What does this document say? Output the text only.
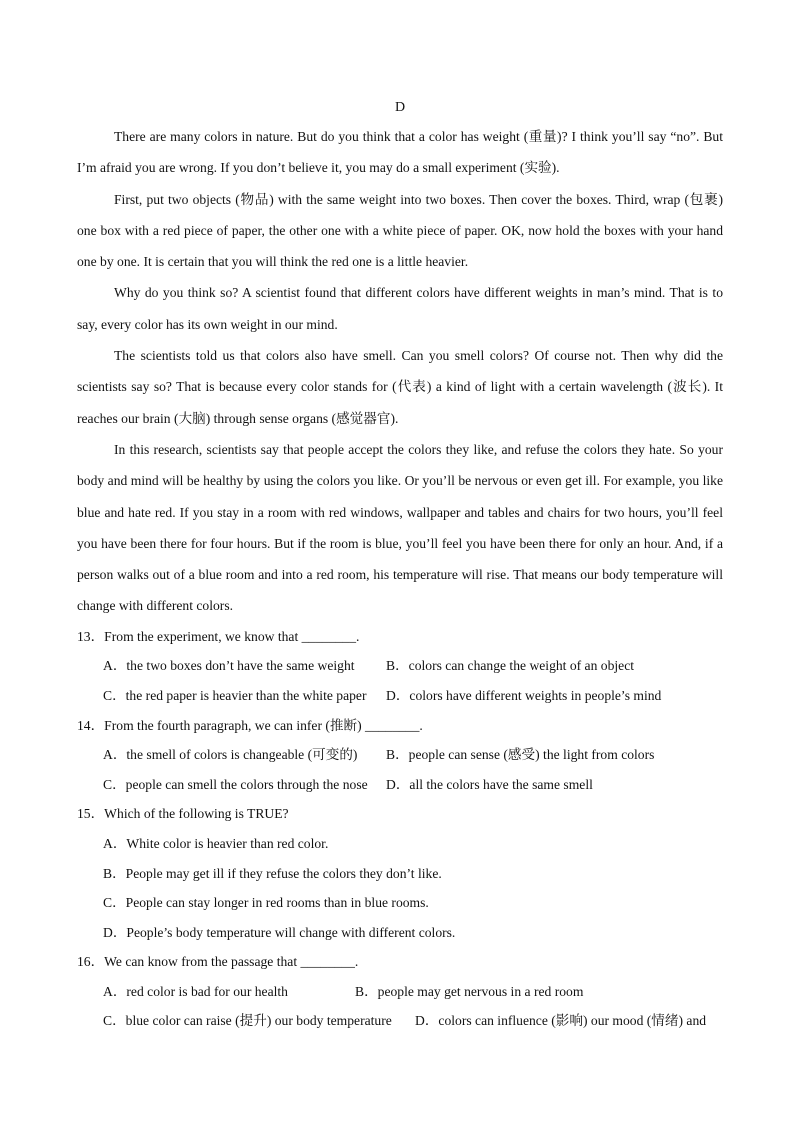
D

There are many colors in nature. But do you think that a color has weight (重量)? I think you’ll say “no”. But I’m afraid you are wrong. If you don’t believe it, you may do a small experiment (实验).

First, put two objects (物品) with the same weight into two boxes. Then cover the boxes. Third, wrap (包裹) one box with a red piece of paper, the other one with a white piece of paper. OK, now hold the boxes with your hand one by one. It is certain that you will think the red one is a little heavier.

Why do you think so? A scientist found that different colors have different weights in man’s mind. That is to say, every color has its own weight in our mind.

The scientists told us that colors also have smell. Can you smell colors? Of course not. Then why did the scientists say so? That is because every color stands for (代表) a kind of light with a certain wavelength (波长). It reaches our brain (大脑) through sense organs (感觉器官).

In this research, scientists say that people accept the colors they like, and refuse the colors they hate. So your body and mind will be healthy by using the colors you like. Or you’ll be nervous or even get ill. For example, you like blue and hate red. If you stay in a room with red windows, wallpaper and tables and chairs for two hours, you’ll feel you have been there for four hours. But if the room is blue, you’ll feel you have been there for only an hour. And, if a person walks out of a blue room and into a red room, his temperature will rise. That means our body temperature will change with different colors.

13．From the experiment, we know that ________.
A．the two boxes don’t have the same weight B．colors can change the weight of an object
C．the red paper is heavier than the white paper D．colors have different weights in people’s mind
14．From the fourth paragraph, we can infer (推断) ________.
A．the smell of colors is changeable (可变的) B．people can sense (感受) the light from colors
C．people can smell the colors through the nose D．all the colors have the same smell
15．Which of the following is TRUE?
A．White color is heavier than red color.
B．People may get ill if they refuse the colors they don’t like.
C．People can stay longer in red rooms than in blue rooms.
D．People’s body temperature will change with different colors.
16．We can know from the passage that ________.
A．red color is bad for our health	B．people may get nervous in a red room
C．blue color can raise (提升) our body temperature D．colors can influence (影响) our mood (情绪) and
